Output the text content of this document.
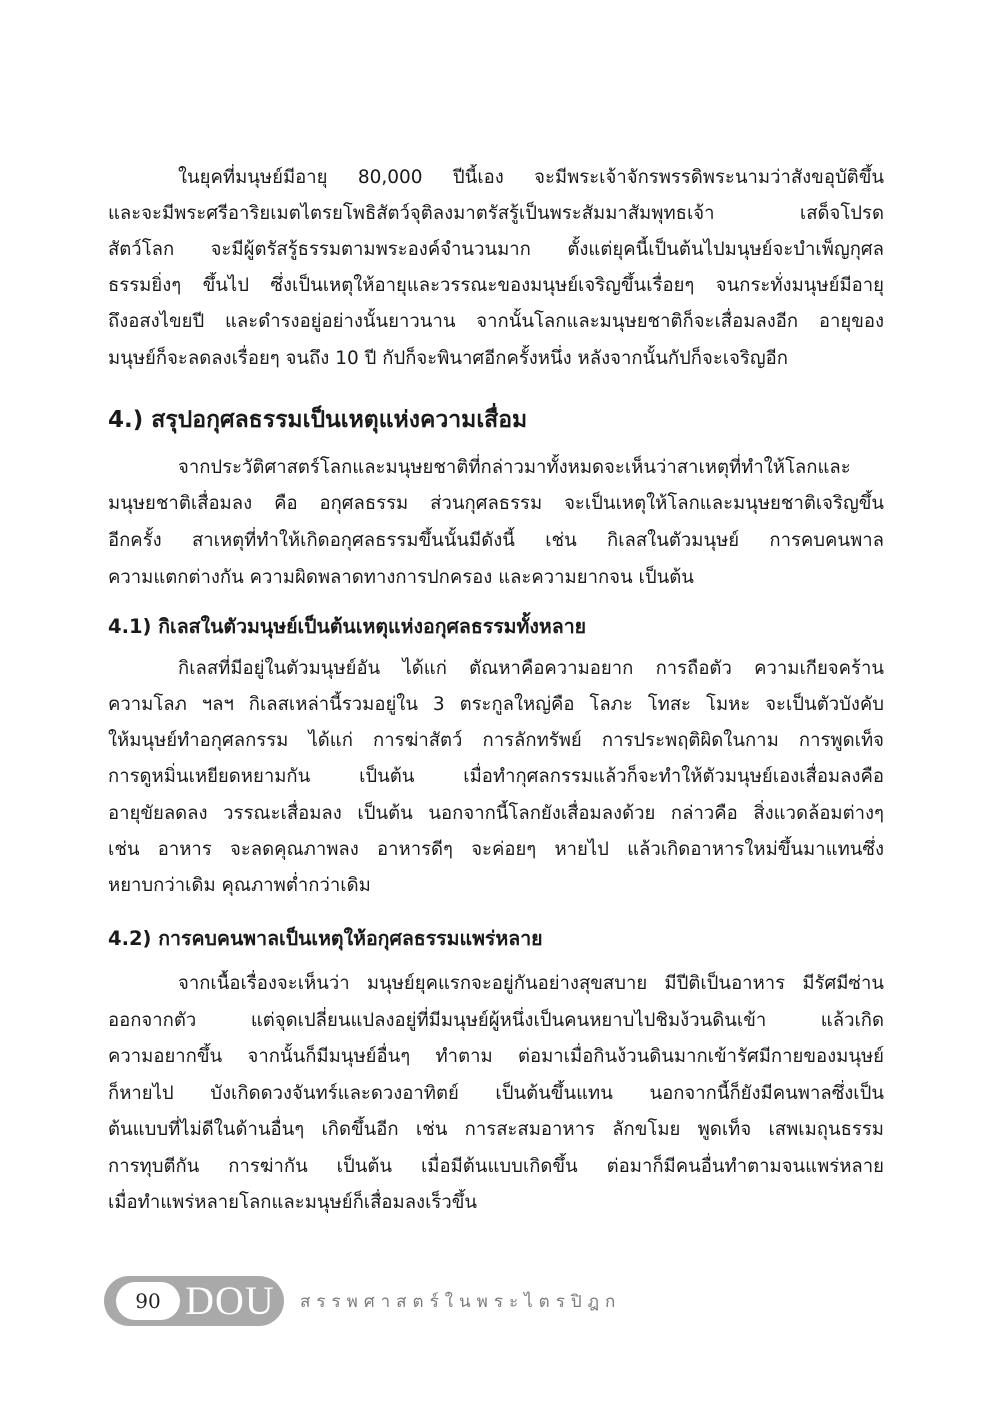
ในยุคที่มนุษย์มีอายุ 80,000 ปีนี้เอง จะมีพระเจ้าจักรพรรดิพระนามว่าสังขอุบัติขึ้น
และจะมีพระศรีอาริยเมตไตรยโพธิสัตว์จุติลงมาตรัสรู้เป็นพระสัมมาสัมพุทธเจ้า เสด็จโปรด
สัตว์โลก จะมีผู้ตรัสรู้ธรรมตามพระองค์จำนวนมาก ตั้งแต่ยุคนี้เป็นต้นไปมนุษย์จะบำเพ็ญกุศล
ธรรมยิ่งๆ ขึ้นไป ซึ่งเป็นเหตุให้อายุและวรรณะของมนุษย์เจริญขึ้นเรื่อยๆ จนกระทั่งมนุษย์มีอายุ
ถึงอสงไขยปี และดำรงอยู่อย่างนั้นยาวนาน จากนั้นโลกและมนุษยชาติก็จะเสื่อมลงอีก อายุของ
มนุษย์ก็จะลดลงเรื่อยๆ จนถึง 10 ปี กัปก็จะพินาศอีกครั้งหนึ่ง หลังจากนั้นกัปก็จะเจริญอีก
4.) สรุปอกุศลธรรมเป็นเหตุแห่งความเสื่อม
จากประวัติศาสตร์โลกและมนุษยชาติที่กล่าวมาทั้งหมดจะเห็นว่าสาเหตุที่ทำให้โลกและ
มนุษยชาติเสื่อมลง คือ อกุศลธรรม ส่วนกุศลธรรม จะเป็นเหตุให้โลกและมนุษยชาติเจริญขึ้น
อีกครั้ง สาเหตุที่ทำให้เกิดอกุศลธรรมขึ้นนั้นมีดังนี้ เช่น กิเลสในตัวมนุษย์ การคบคนพาล
ความแตกต่างกัน ความผิดพลาดทางการปกครอง และความยากจน เป็นต้น
4.1) กิเลสในตัวมนุษย์เป็นต้นเหตุแห่งอกุศลธรรมทั้งหลาย
กิเลสที่มีอยู่ในตัวมนุษย์อัน ได้แก่ ตัณหาคือความอยาก การถือตัว ความเกียจคร้าน
ความโลภ ฯลฯ กิเลสเหล่านี้รวมอยู่ใน 3 ตระกูลใหญ่คือ โลภะ โทสะ โมหะ จะเป็นตัวบังคับ
ให้มนุษย์ทำอกุศลกรรม ได้แก่ การฆ่าสัตว์ การลักทรัพย์ การประพฤติผิดในกาม การพูดเท็จ
การดูหมิ่นเหยียดหยามกัน เป็นต้น เมื่อทำกุศลกรรมแล้วก็จะทำให้ตัวมนุษย์เองเสื่อมลงคือ
อายุขัยลดลง วรรณะเสื่อมลง เป็นต้น นอกจากนี้โลกยังเสื่อมลงด้วย กล่าวคือ สิ่งแวดล้อมต่างๆ
เช่น อาหาร จะลดคุณภาพลง อาหารดีๆ จะค่อยๆ หายไป แล้วเกิดอาหารใหม่ขึ้นมาแทนซึ่ง
หยาบกว่าเดิม คุณภาพต่ำกว่าเดิม
4.2) การคบคนพาลเป็นเหตุให้อกุศลธรรมแพร่หลาย
จากเนื้อเรื่องจะเห็นว่า มนุษย์ยุคแรกจะอยู่กันอย่างสุขสบาย มีปีติเป็นอาหาร มีรัศมีซ่าน
ออกจากตัว แต่จุดเปลี่ยนแปลงอยู่ที่มีมนุษย์ผู้หนึ่งเป็นคนหยาบไปชิมง้วนดินเข้า แล้วเกิด
ความอยากขึ้น จากนั้นก็มีมนุษย์อื่นๆ ทำตาม ต่อมาเมื่อกินง้วนดินมากเข้ารัศมีกายของมนุษย์
ก็หายไป บังเกิดดวงจันทร์และดวงอาทิตย์ เป็นต้นขึ้นแทน นอกจากนี้ก็ยังมีคนพาลซึ่งเป็น
ต้นแบบที่ไม่ดีในด้านอื่นๆ เกิดขึ้นอีก เช่น การสะสมอาหาร ลักขโมย พูดเท็จ เสพเมถุนธรรม
การทุบตีกัน การฆ่ากัน เป็นต้น เมื่อมีต้นแบบเกิดขึ้น ต่อมาก็มีคนอื่นทำตามจนแพร่หลาย
เมื่อทำแพร่หลายโลกและมนุษย์ก็เสื่อมลงเร็วขึ้น
90 DOU	สรรพศาสตร์ในพระไตรปิฎก
